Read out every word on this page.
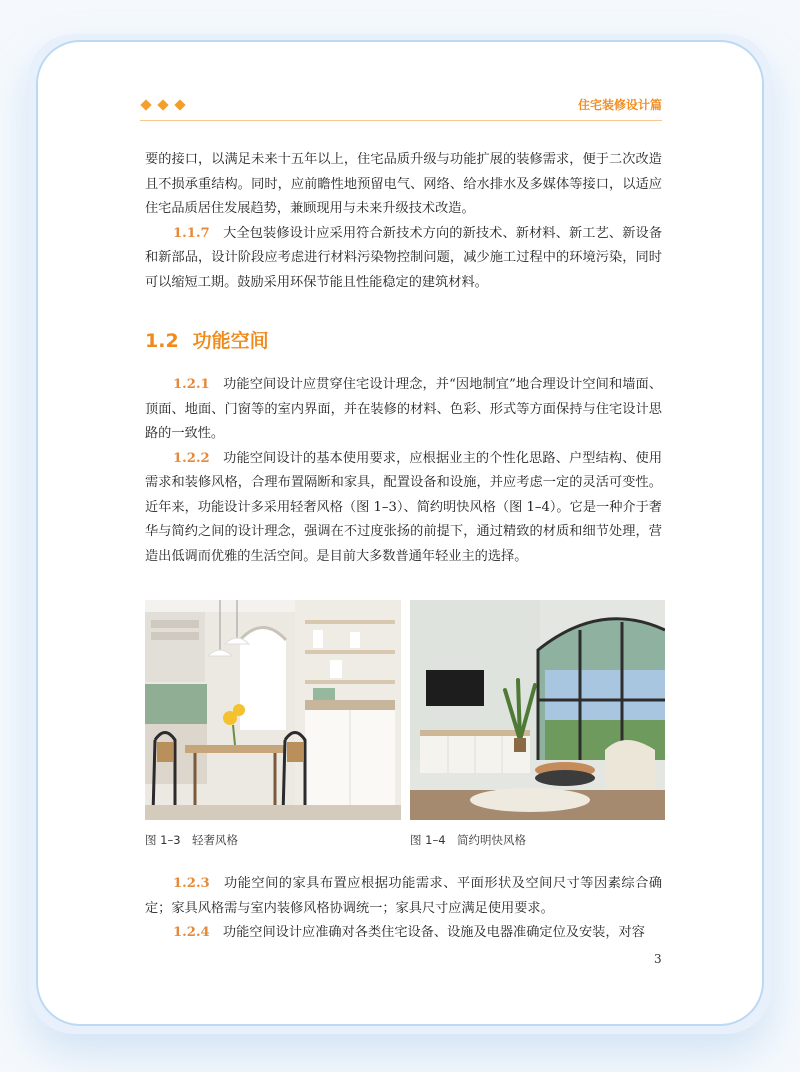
住宅装修设计篇

要的接口，以满足未来十五年以上，住宅品质升级与功能扩展的装修需求，便于二次改造且不损承重结构。同时，应前瞻性地预留电气、网络、给水排水及多媒体等接口，以适应住宅品质居住发展趋势，兼顾现用与未来升级技术改造。

1.1.7　 大全包装修设计应采用符合新技术方向的新技术、新材料、新工艺、新设备和新部品，设计阶段应考虑进行材料污染物控制问题，减少施工过程中的环境污染，同时可以缩短工期。鼓励采用环保节能且性能稳定的建筑材料。

1.2 功能空间

1.2.1　 功能空间设计应贯穿住宅设计理念，并“因地制宜”地合理设计空间和墙面、顶面、地面、门窗等的室内界面，并在装修的材料、色彩、形式等方面保持与住宅设计思路的一致性。

1.2.2　 功能空间设计的基本使用要求，应根据业主的个性化思路、户型结构、使用需求和装修风格，合理布置隔断和家具，配置设备和设施，并应考虑一定的灵活可变性。近年来，功能设计多采用轻奢风格（图 1–3）、简约明快风格（图 1–4）。它是一种介于奢华与简约之间的设计理念，强调在不过度张扬的前提下，通过精致的材质和细节处理，营造出低调而优雅的生活空间。是目前大多数普通年轻业主的选择。

图 1–3　轻奢风格	图 1–4　简约明快风格

1.2.3　 功能空间的家具布置应根据功能需求、平面形状及空间尺寸等因素综合确定；家具风格需与室内装修风格协调统一；家具尺寸应满足使用要求。

1.2.4　 功能空间设计应准确对各类住宅设备、设施及电器准确定位及安装，对容

3
